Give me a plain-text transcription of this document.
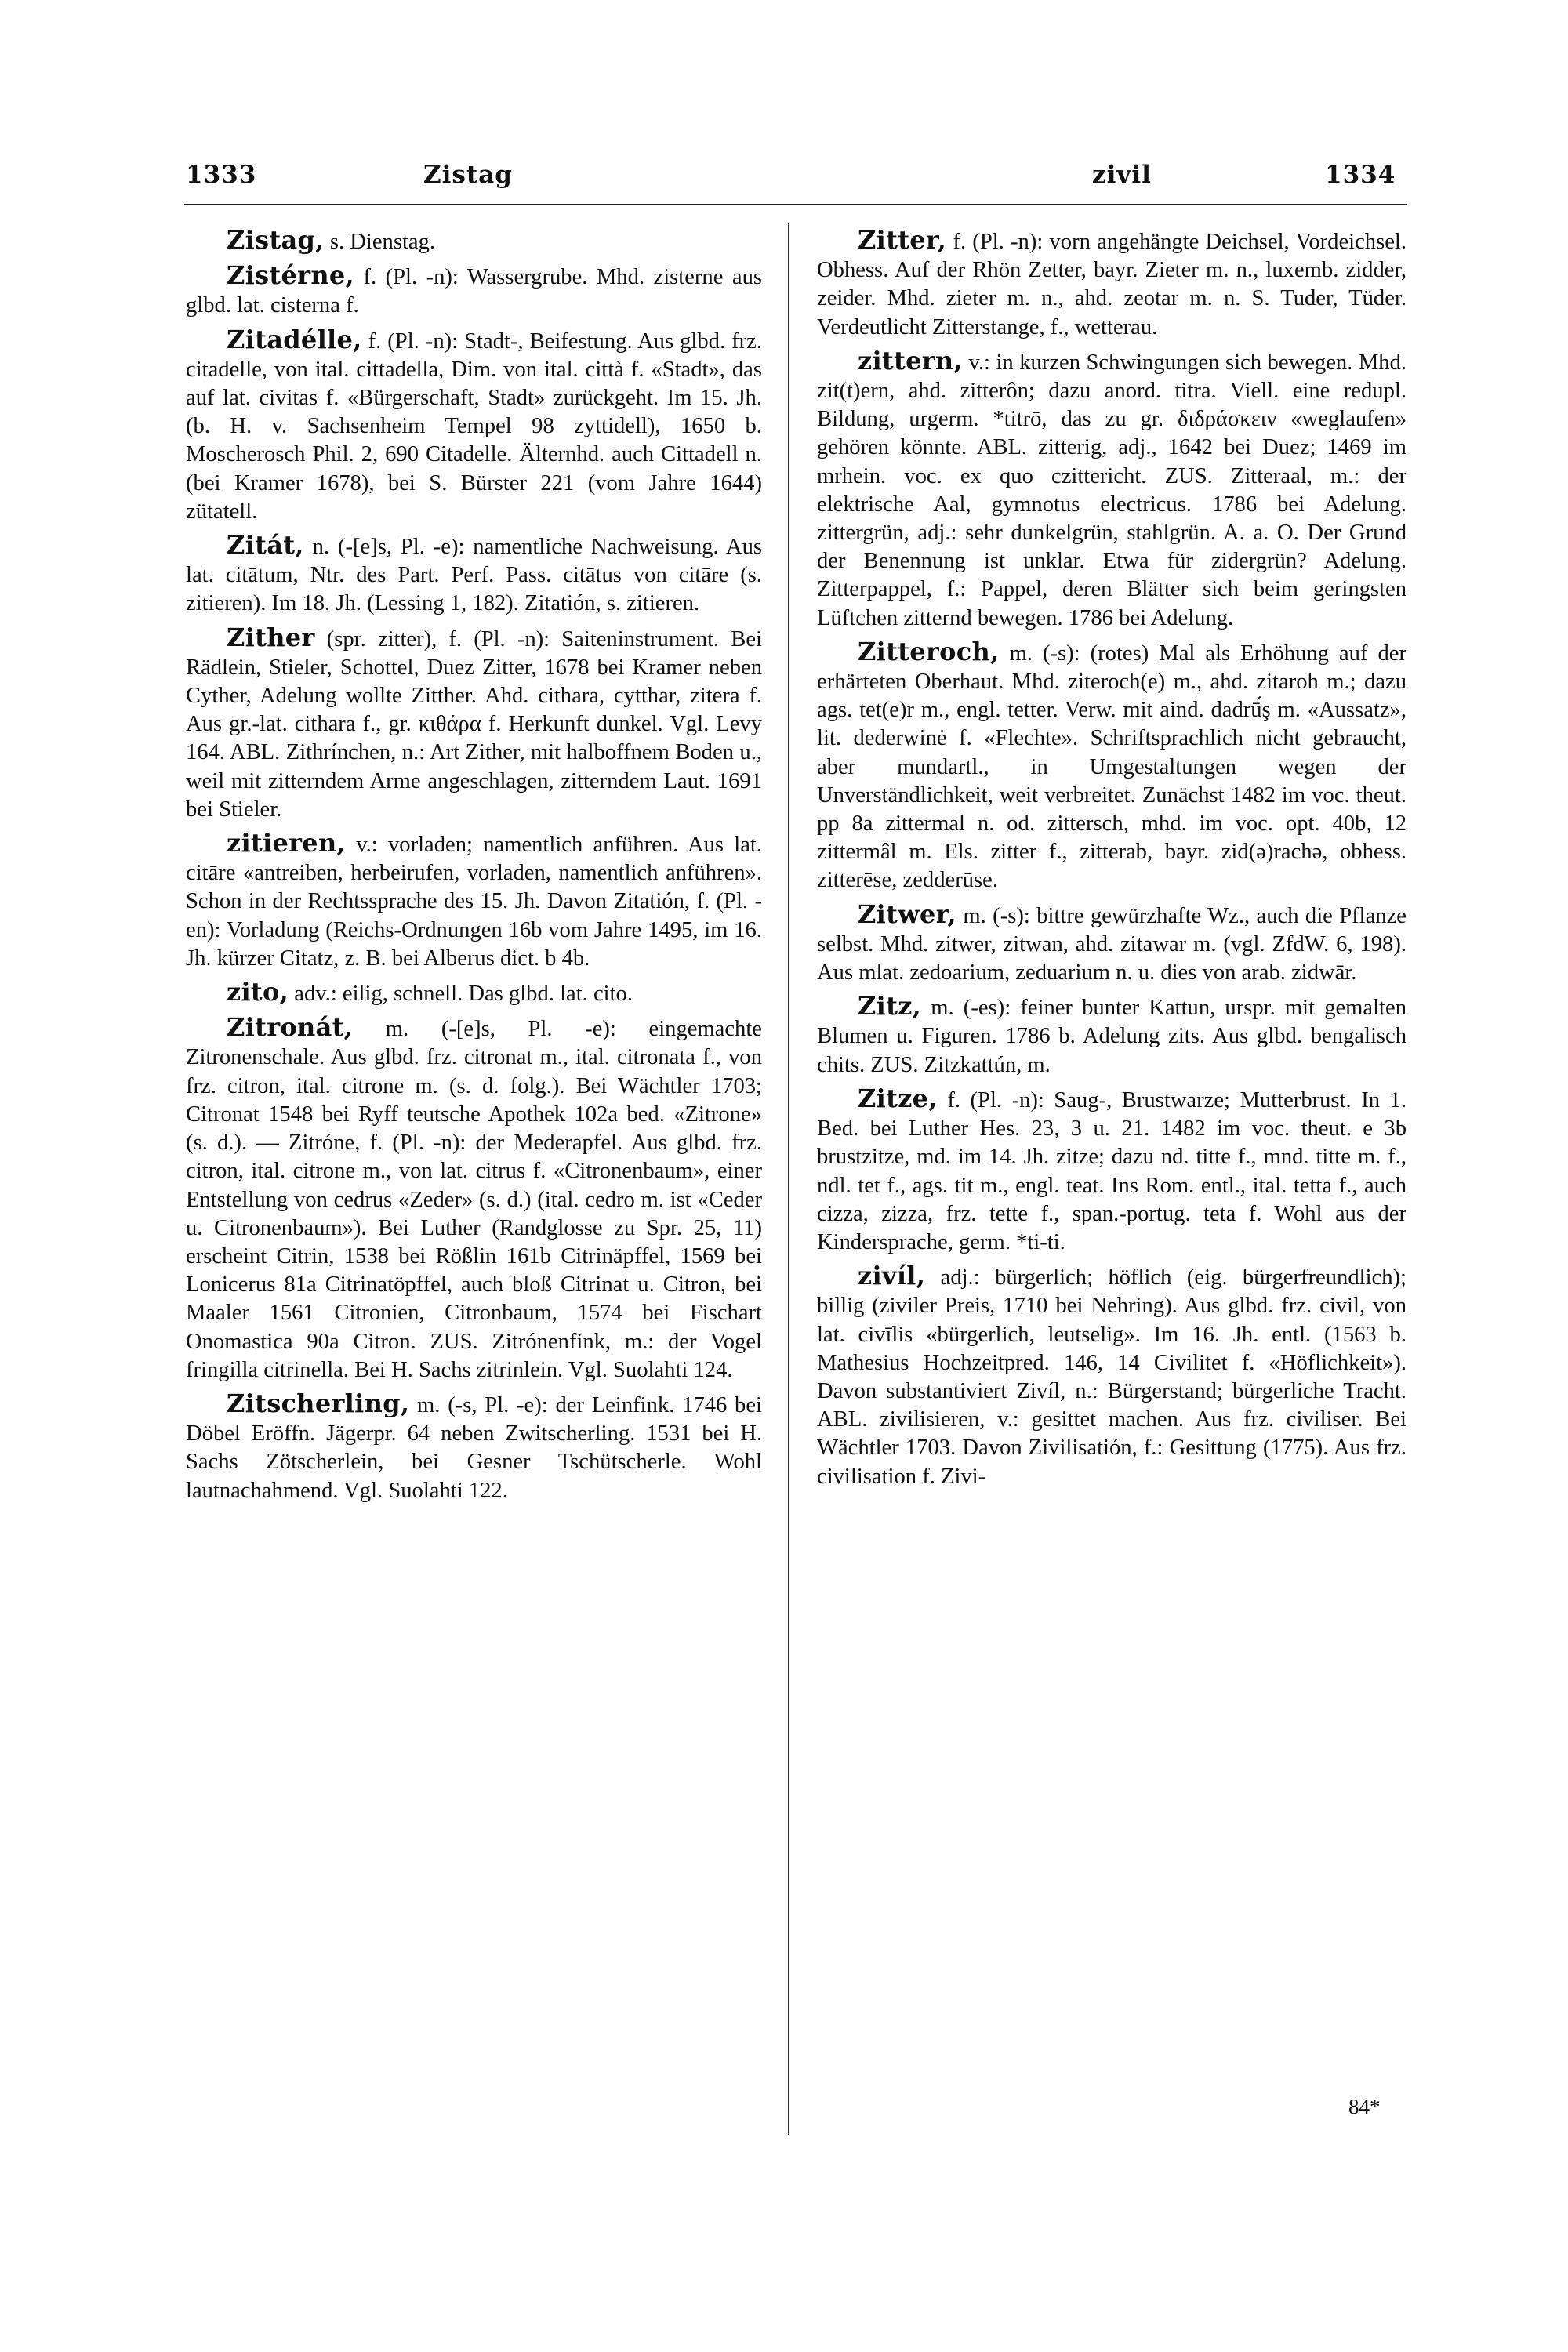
1333	Zistag	zivil	1334

Zistag, s. Dienstag.

Zistérne, f. (Pl. -n): Wassergrube. Mhd. zisterne aus glbd. lat. cisterna f.

Zitadélle, f. (Pl. -n): Stadt-, Beifestung. Aus glbd. frz. citadelle, von ital. cittadella, Dim. von ital. città f. «Stadt», das auf lat. civitas f. «Bürgerschaft, Stadt» zurückgeht. Im 15. Jh. (b. H. v. Sachsenheim Tempel 98 zyttidell), 1650 b. Moscherosch Phil. 2, 690 Citadelle. Älternhd. auch Cittadell n. (bei Kramer 1678), bei S. Bürster 221 (vom Jahre 1644) zütatell.

Zitát, n. (-[e]s, Pl. -e): namentliche Nachweisung. Aus lat. citātum, Ntr. des Part. Perf. Pass. citātus von citāre (s. zitieren). Im 18. Jh. (Lessing 1, 182). Zitatión, s. zitieren.

Zither (spr. zitter), f. (Pl. -n): Saiteninstrument. Bei Rädlein, Stieler, Schottel, Duez Zitter, 1678 bei Kramer neben Cyther, Adelung wollte Zitther. Ahd. cithara, cytthar, zitera f. Aus gr.-lat. cithara f., gr. κιθάρα f. Herkunft dunkel. Vgl. Levy 164. ABL. Zithrínchen, n.: Art Zither, mit halboffnem Boden u., weil mit zitterndem Arme angeschlagen, zitterndem Laut. 1691 bei Stieler.

zitieren, v.: vorladen; namentlich anführen. Aus lat. citāre «antreiben, herbeirufen, vorladen, namentlich anführen». Schon in der Rechtssprache des 15. Jh. Davon Zitatión, f. (Pl. -en): Vorladung (Reichs-Ordnungen 16b vom Jahre 1495, im 16. Jh. kürzer Citatz, z. B. bei Alberus dict. b 4b.

zito, adv.: eilig, schnell. Das glbd. lat. cito.

Zitronát, m. (-[e]s, Pl. -e): eingemachte Zitronenschale. Aus glbd. frz. citronat m., ital. citronata f., von frz. citron, ital. citrone m. (s. d. folg.). Bei Wächtler 1703; Citronat 1548 bei Ryff teutsche Apothek 102a bed. «Zitrone» (s. d.). — Zitróne, f. (Pl. -n): der Mederapfel. Aus glbd. frz. citron, ital. citrone m., von lat. citrus f. «Citronenbaum», einer Entstellung von cedrus «Zeder» (s. d.) (ital. cedro m. ist «Ceder u. Citronenbaum»). Bei Luther (Randglosse zu Spr. 25, 11) erscheint Citrin, 1538 bei Rößlin 161b Citrinäpffel, 1569 bei Lonicerus 81a Citrinatöpffel, auch bloß Citrinat u. Citron, bei Maaler 1561 Citronien, Citronbaum, 1574 bei Fischart Onomastica 90a Citron. ZUS. Zitrónenfink, m.: der Vogel fringilla citrinella. Bei H. Sachs zitrinlein. Vgl. Suolahti 124.

Zitscherling, m. (-s, Pl. -e): der Leinfink. 1746 bei Döbel Eröffn. Jägerpr. 64 neben Zwitscherling. 1531 bei H. Sachs Zötscherlein, bei Gesner Tschütscherle. Wohl lautnachahmend. Vgl. Suolahti 122.

Zitter, f. (Pl. -n): vorn angehängte Deichsel, Vordeichsel. Obhess. Auf der Rhön Zetter, bayr. Zieter m. n., luxemb. zidder, zeider. Mhd. zieter m. n., ahd. zeotar m. n. S. Tuder, Tüder. Verdeutlicht Zitterstange, f., wetterau.

zittern, v.: in kurzen Schwingungen sich bewegen. Mhd. zit(t)ern, ahd. zitterôn; dazu anord. titra. Viell. eine redupl. Bildung, urgerm. *titrō, das zu gr. διδράσκειν «weglaufen» gehören könnte. ABL. zitterig, adj., 1642 bei Duez; 1469 im mrhein. voc. ex quo czittericht. ZUS. Zitteraal, m.: der elektrische Aal, gymnotus electricus. 1786 bei Adelung. zittergrün, adj.: sehr dunkelgrün, stahlgrün. A. a. O. Der Grund der Benennung ist unklar. Etwa für zidergrün? Adelung. Zitterpappel, f.: Pappel, deren Blätter sich beim geringsten Lüftchen zitternd bewegen. 1786 bei Adelung.

Zitteroch, m. (-s): (rotes) Mal als Erhöhung auf der erhärteten Oberhaut. Mhd. ziteroch(e) m., ahd. zitaroh m.; dazu ags. tet(e)r m., engl. tetter. Verw. mit aind. dadrū́ş m. «Aussatz», lit. dederwinė f. «Flechte». Schriftsprachlich nicht gebraucht, aber mundartl., in Umgestaltungen wegen der Unverständlichkeit, weit verbreitet. Zunächst 1482 im voc. theut. pp 8a zittermal n. od. zittersch, mhd. im voc. opt. 40b, 12 zittermâl m. Els. zitter f., zitterab, bayr. zid(ə)rachə, obhess. zitterēse, zedderūse.

Zitwer, m. (-s): bittre gewürzhafte Wz., auch die Pflanze selbst. Mhd. zitwer, zitwan, ahd. zitawar m. (vgl. ZfdW. 6, 198). Aus mlat. zedoarium, zeduarium n. u. dies von arab. zidwār.

Zitz, m. (-es): feiner bunter Kattun, urspr. mit gemalten Blumen u. Figuren. 1786 b. Adelung zits. Aus glbd. bengalisch chits. ZUS. Zitzkattún, m.

Zitze, f. (Pl. -n): Saug-, Brustwarze; Mutterbrust. In 1. Bed. bei Luther Hes. 23, 3 u. 21. 1482 im voc. theut. e 3b brustzitze, md. im 14. Jh. zitze; dazu nd. titte f., mnd. titte m. f., ndl. tet f., ags. tit m., engl. teat. Ins Rom. entl., ital. tetta f., auch cizza, zizza, frz. tette f., span.-portug. teta f. Wohl aus der Kindersprache, germ. *ti-ti.

zivíl, adj.: bürgerlich; höflich (eig. bürgerfreundlich); billig (ziviler Preis, 1710 bei Nehring). Aus glbd. frz. civil, von lat. civīlis «bürgerlich, leutselig». Im 16. Jh. entl. (1563 b. Mathesius Hochzeitpred. 146, 14 Civilitet f. «Höflichkeit»). Davon substantiviert Zivíl, n.: Bürgerstand; bürgerliche Tracht. ABL. zivilisieren, v.: gesittet machen. Aus frz. civiliser. Bei Wächtler 1703. Davon Zivilisatión, f.: Gesittung (1775). Aus frz. civilisation f. Zivi-

84*
